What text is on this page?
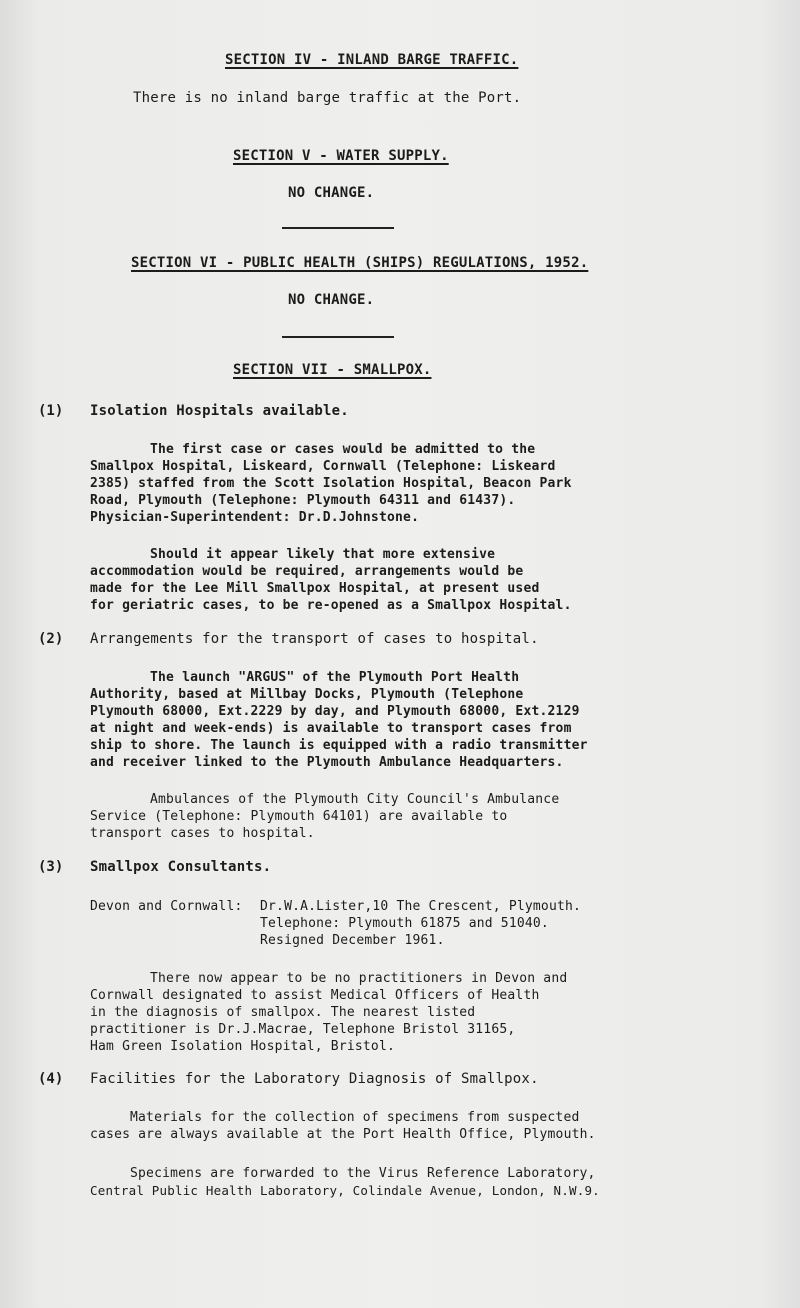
SECTION IV - INLAND BARGE TRAFFIC.
There is no inland barge traffic at the Port.
SECTION V - WATER SUPPLY.
NO CHANGE.
SECTION VI - PUBLIC HEALTH (SHIPS) REGULATIONS, 1952.
NO CHANGE.
SECTION VII - SMALLPOX.
(1) Isolation Hospitals available.
The first case or cases would be admitted to the
Smallpox Hospital, Liskeard, Cornwall (Telephone: Liskeard
2385) staffed from the Scott Isolation Hospital, Beacon Park
Road, Plymouth (Telephone: Plymouth 64311 and 61437).
Physician-Superintendent: Dr.D.Johnstone.
Should it appear likely that more extensive
accommodation would be required, arrangements would be
made for the Lee Mill Smallpox Hospital, at present used
for geriatric cases, to be re-opened as a Smallpox Hospital.
(2) Arrangements for the transport of cases to hospital.
The launch "ARGUS" of the Plymouth Port Health
Authority, based at Millbay Docks, Plymouth (Telephone
Plymouth 68000, Ext.2229 by day, and Plymouth 68000, Ext.2129
at night and week-ends) is available to transport cases from
ship to shore. The launch is equipped with a radio transmitter
and receiver linked to the Plymouth Ambulance Headquarters.
Ambulances of the Plymouth City Council's Ambulance
Service (Telephone: Plymouth 64101) are available to
transport cases to hospital.
(3) Smallpox Consultants.
Devon and Cornwall: Dr.W.A.Lister,10 The Crescent, Plymouth.
Telephone: Plymouth 61875 and 51040.
Resigned December 1961.
There now appear to be no practitioners in Devon and
Cornwall designated to assist Medical Officers of Health
in the diagnosis of smallpox. The nearest listed
practitioner is Dr.J.Macrae, Telephone Bristol 31165,
Ham Green Isolation Hospital, Bristol.
(4) Facilities for the Laboratory Diagnosis of Smallpox.
Materials for the collection of specimens from suspected
cases are always available at the Port Health Office, Plymouth.
Specimens are forwarded to the Virus Reference Laboratory,
Central Public Health Laboratory, Colindale Avenue, London, N.W.9.
